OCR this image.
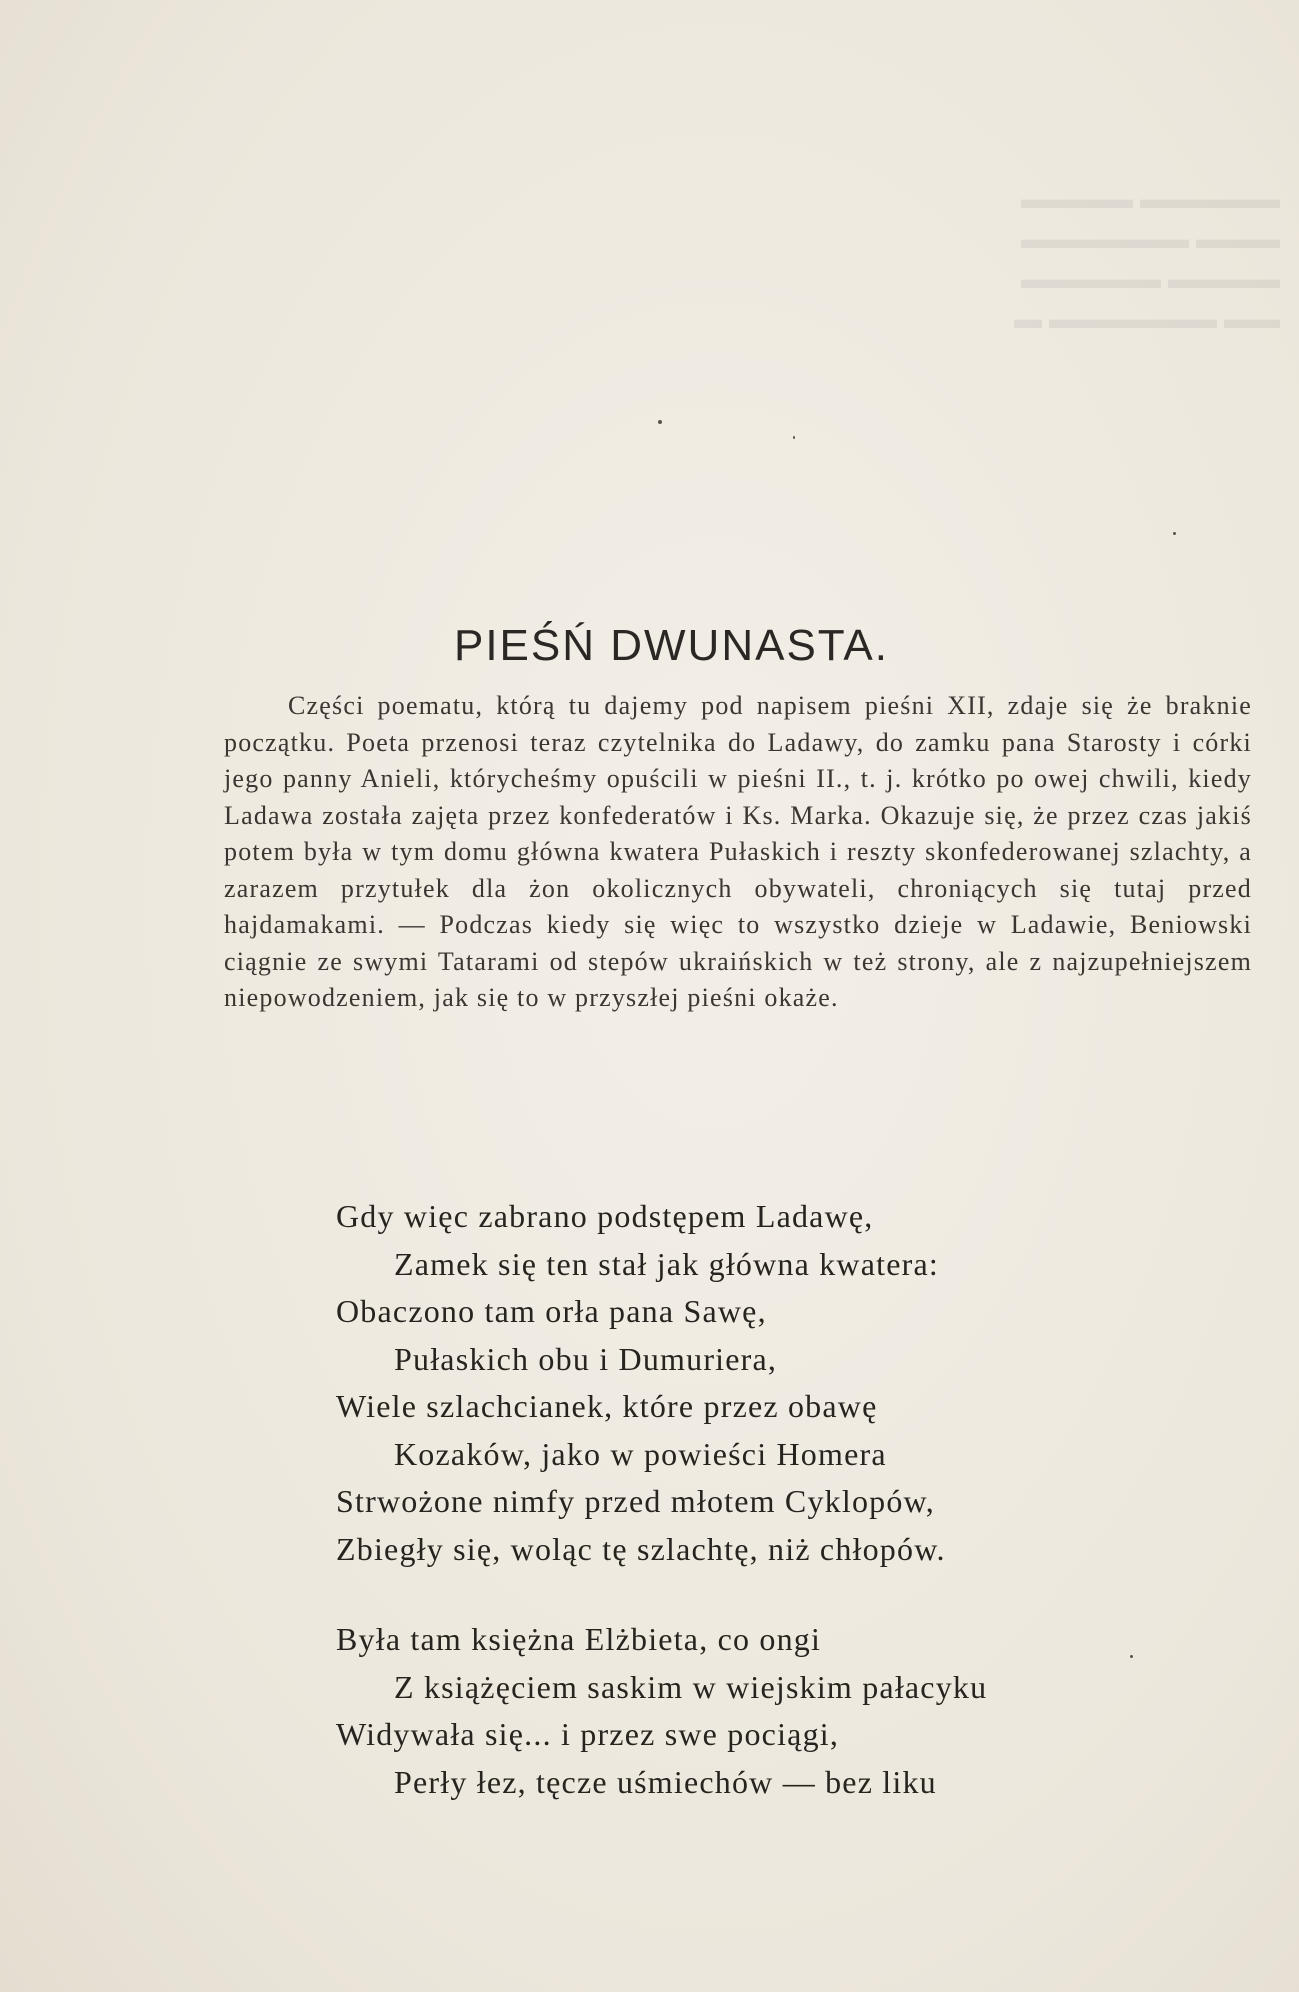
​▬▬▬▬▬ ▬▬▬▬
▬▬▬ ▬▬▬▬▬▬
▬▬▬▬ ▬▬▬▬▬
▬▬ ▬▬▬▬▬▬ ▬
PIEŚŃ DWUNASTA.

Części poematu, którą tu dajemy pod napisem pieśni XII, zdaje się że braknie początku. Poeta przenosi teraz czytelnika do Ladawy, do zamku pana Starosty i córki jego panny Anieli, którycheśmy opuścili w pieśni II., t. j. krótko po owej chwili, kiedy Ladawa została zajęta przez konfederatów i Ks. Marka. Okazuje się, że przez czas jakiś potem była w tym domu główna kwatera Pułaskich i reszty skonfederowanej szlachty, a zarazem przytułek dla żon okolicznych obywateli, chroniących się tutaj przed hajdamakami. — Podczas kiedy się więc to wszystko dzieje w Ladawie, Beniowski ciągnie ze swymi Tatarami od stepów ukraińskich w też strony, ale z najzupełniejszem niepowodzeniem, jak się to w przyszłej pieśni okaże.

Gdy więc zabrano podstępem Ladawę,
Zamek się ten stał jak główna kwatera:
Obaczono tam orła pana Sawę,
Pułaskich obu i Dumuriera,
Wiele szlachcianek, które przez obawę
Kozaków, jako w powieści Homera
Strwożone nimfy przed młotem Cyklopów,
Zbiegły się, woląc tę szlachtę, niż chłopów.
Była tam księżna Elżbieta, co ongi
Z książęciem saskim w wiejskim pałacyku
Widywała się... i przez swe pociągi,
Perły łez, tęcze uśmiechów — bez liku
